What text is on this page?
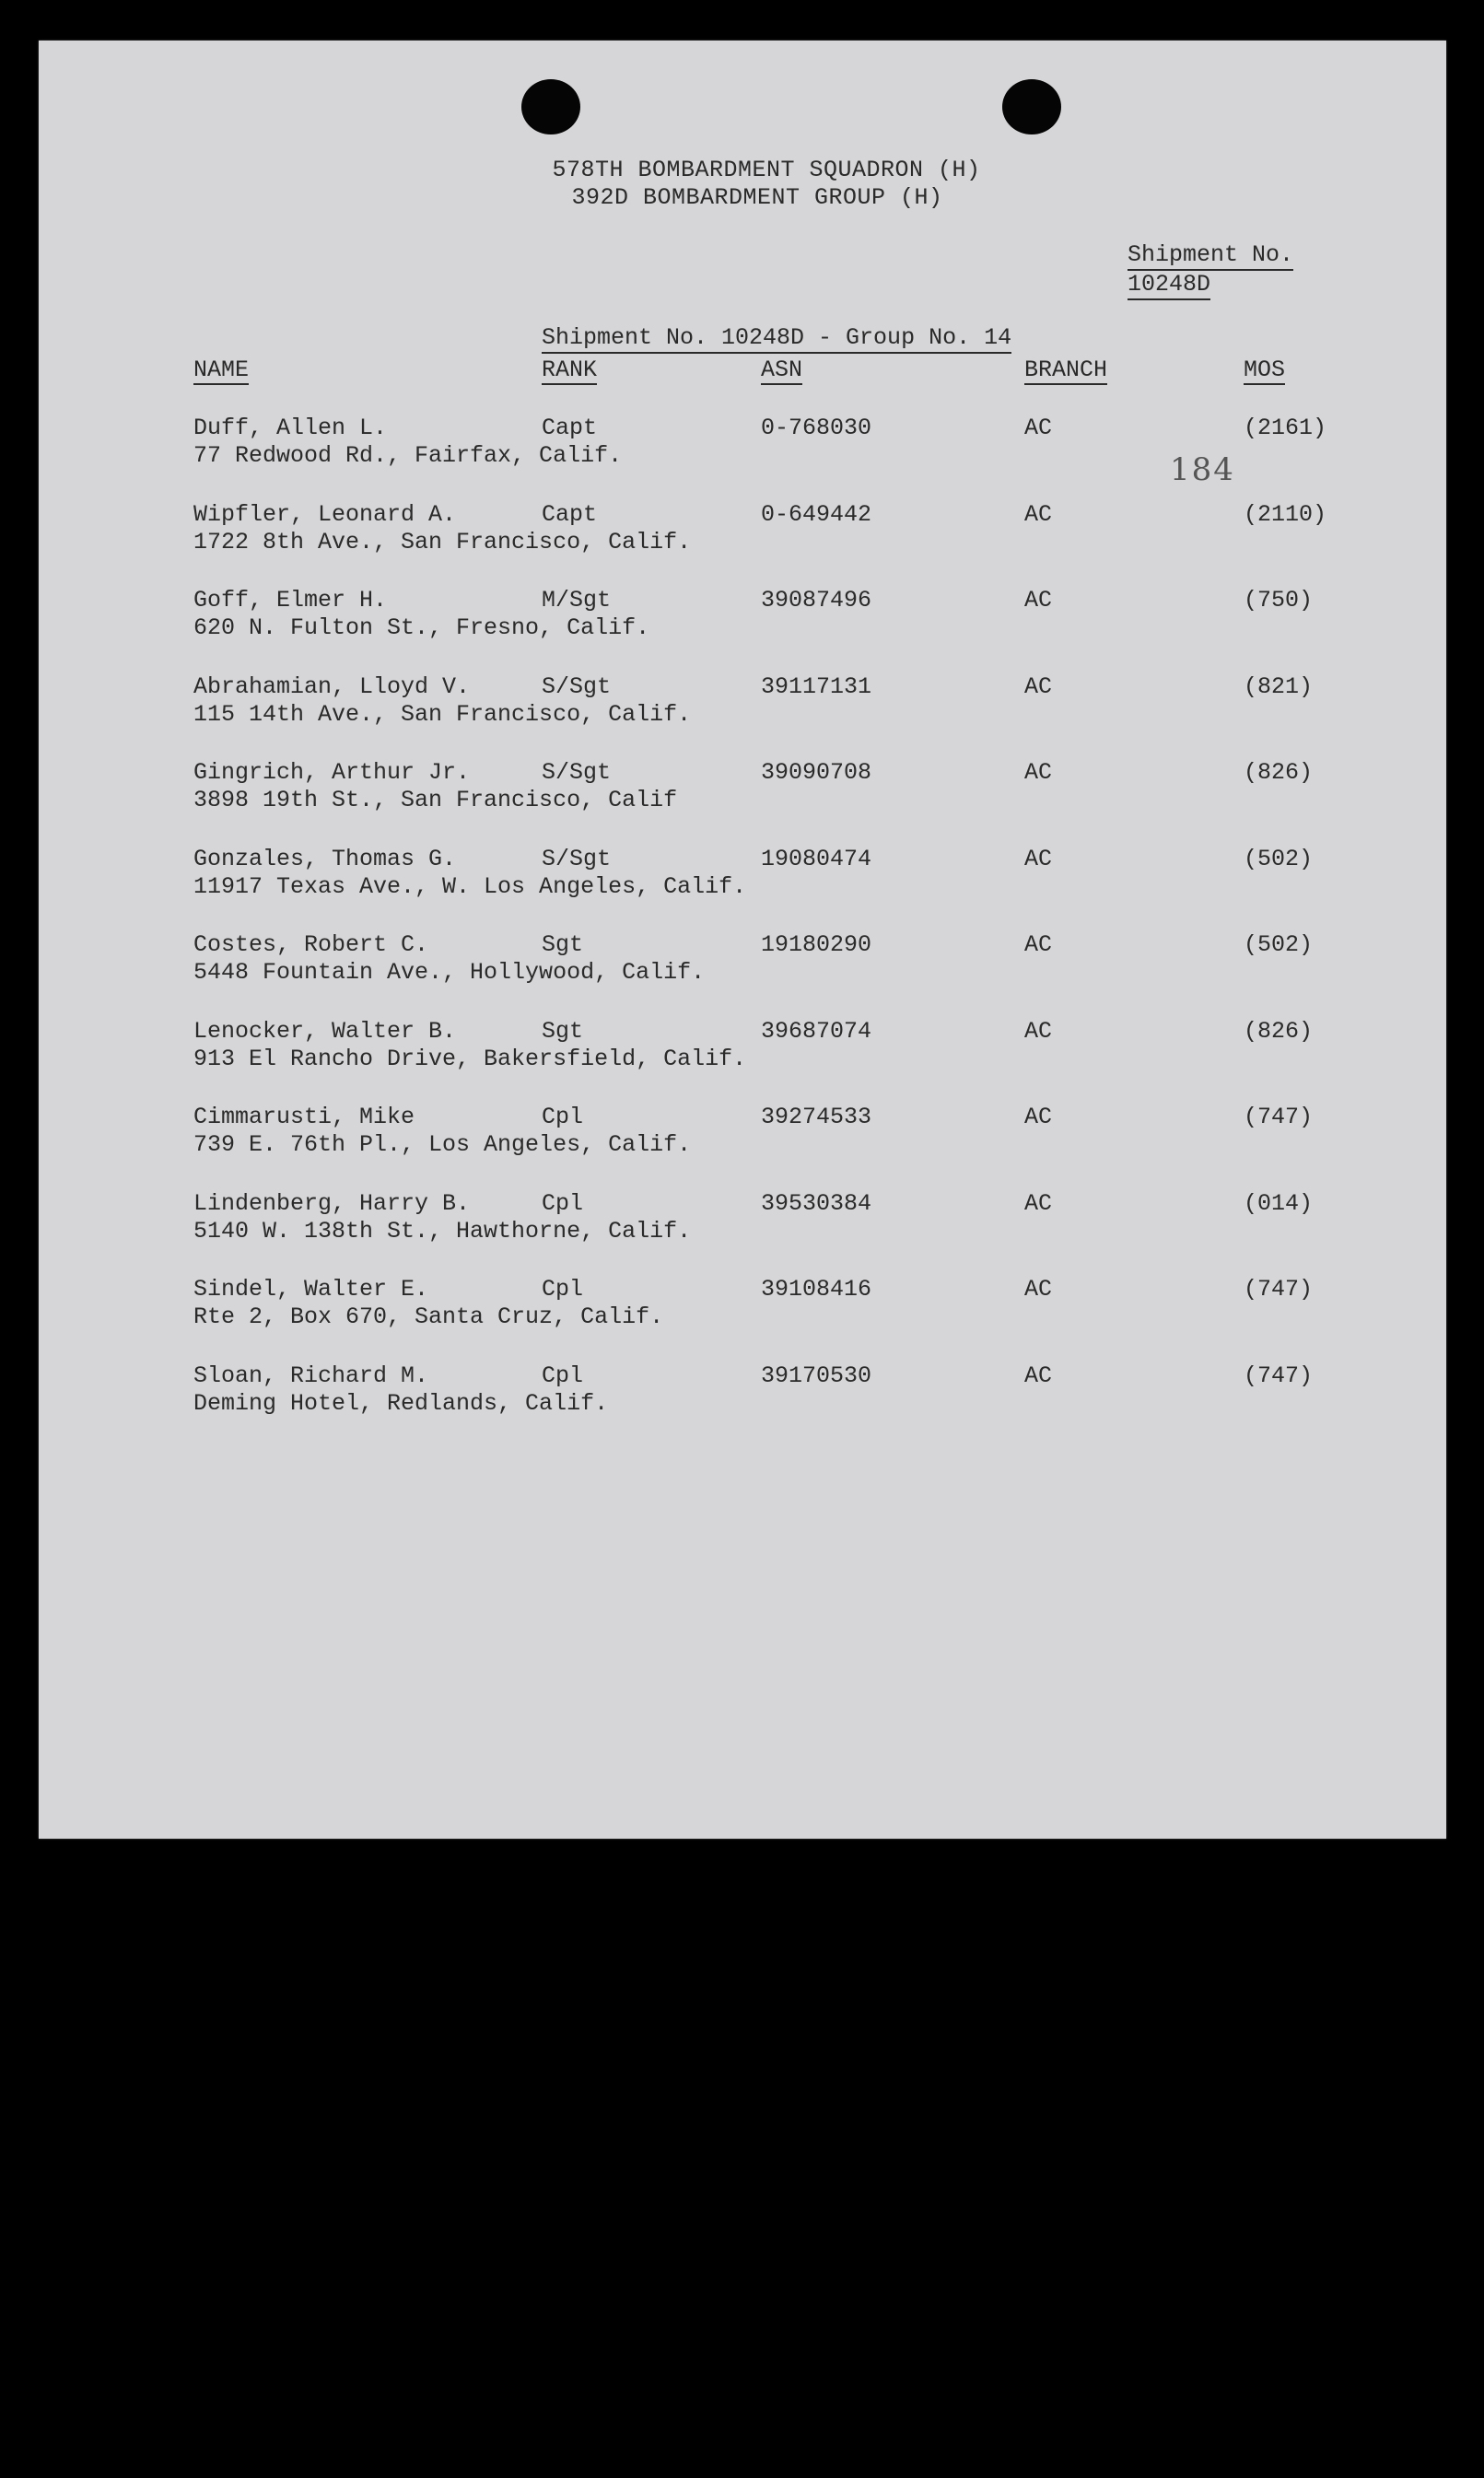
578TH BOMBARDMENT SQUADRON (H)
392D BOMBARDMENT GROUP (H)
Shipment No.
10248D
Shipment No. 10248D - Group No. 14
NAME	RANK	ASN	BRANCH	MOS
184
Duff, Allen L.	Capt	0-768030	AC	(2161)
77 Redwood Rd., Fairfax, Calif.
Wipfler, Leonard A.	Capt	0-649442	AC	(2110)
1722 8th Ave., San Francisco, Calif.
Goff, Elmer H.	M/Sgt	39087496	AC	(750)
620 N. Fulton St., Fresno, Calif.
Abrahamian, Lloyd V.	S/Sgt	39117131	AC	(821)
115 14th Ave., San Francisco, Calif.
Gingrich, Arthur Jr.	S/Sgt	39090708	AC	(826)
3898 19th St., San Francisco, Calif
Gonzales, Thomas G.	S/Sgt	19080474	AC	(502)
11917 Texas Ave., W. Los Angeles, Calif.
Costes, Robert C.	Sgt	19180290	AC	(502)
5448 Fountain Ave., Hollywood, Calif.
Lenocker, Walter B.	Sgt	39687074	AC	(826)
913 El Rancho Drive, Bakersfield, Calif.
Cimmarusti, Mike	Cpl	39274533	AC	(747)
739 E. 76th Pl., Los Angeles, Calif.
Lindenberg, Harry B.	Cpl	39530384	AC	(014)
5140 W. 138th St., Hawthorne, Calif.
Sindel, Walter E.	Cpl	39108416	AC	(747)
Rte 2, Box 670, Santa Cruz, Calif.
Sloan, Richard M.	Cpl	39170530	AC	(747)
Deming Hotel, Redlands, Calif.
